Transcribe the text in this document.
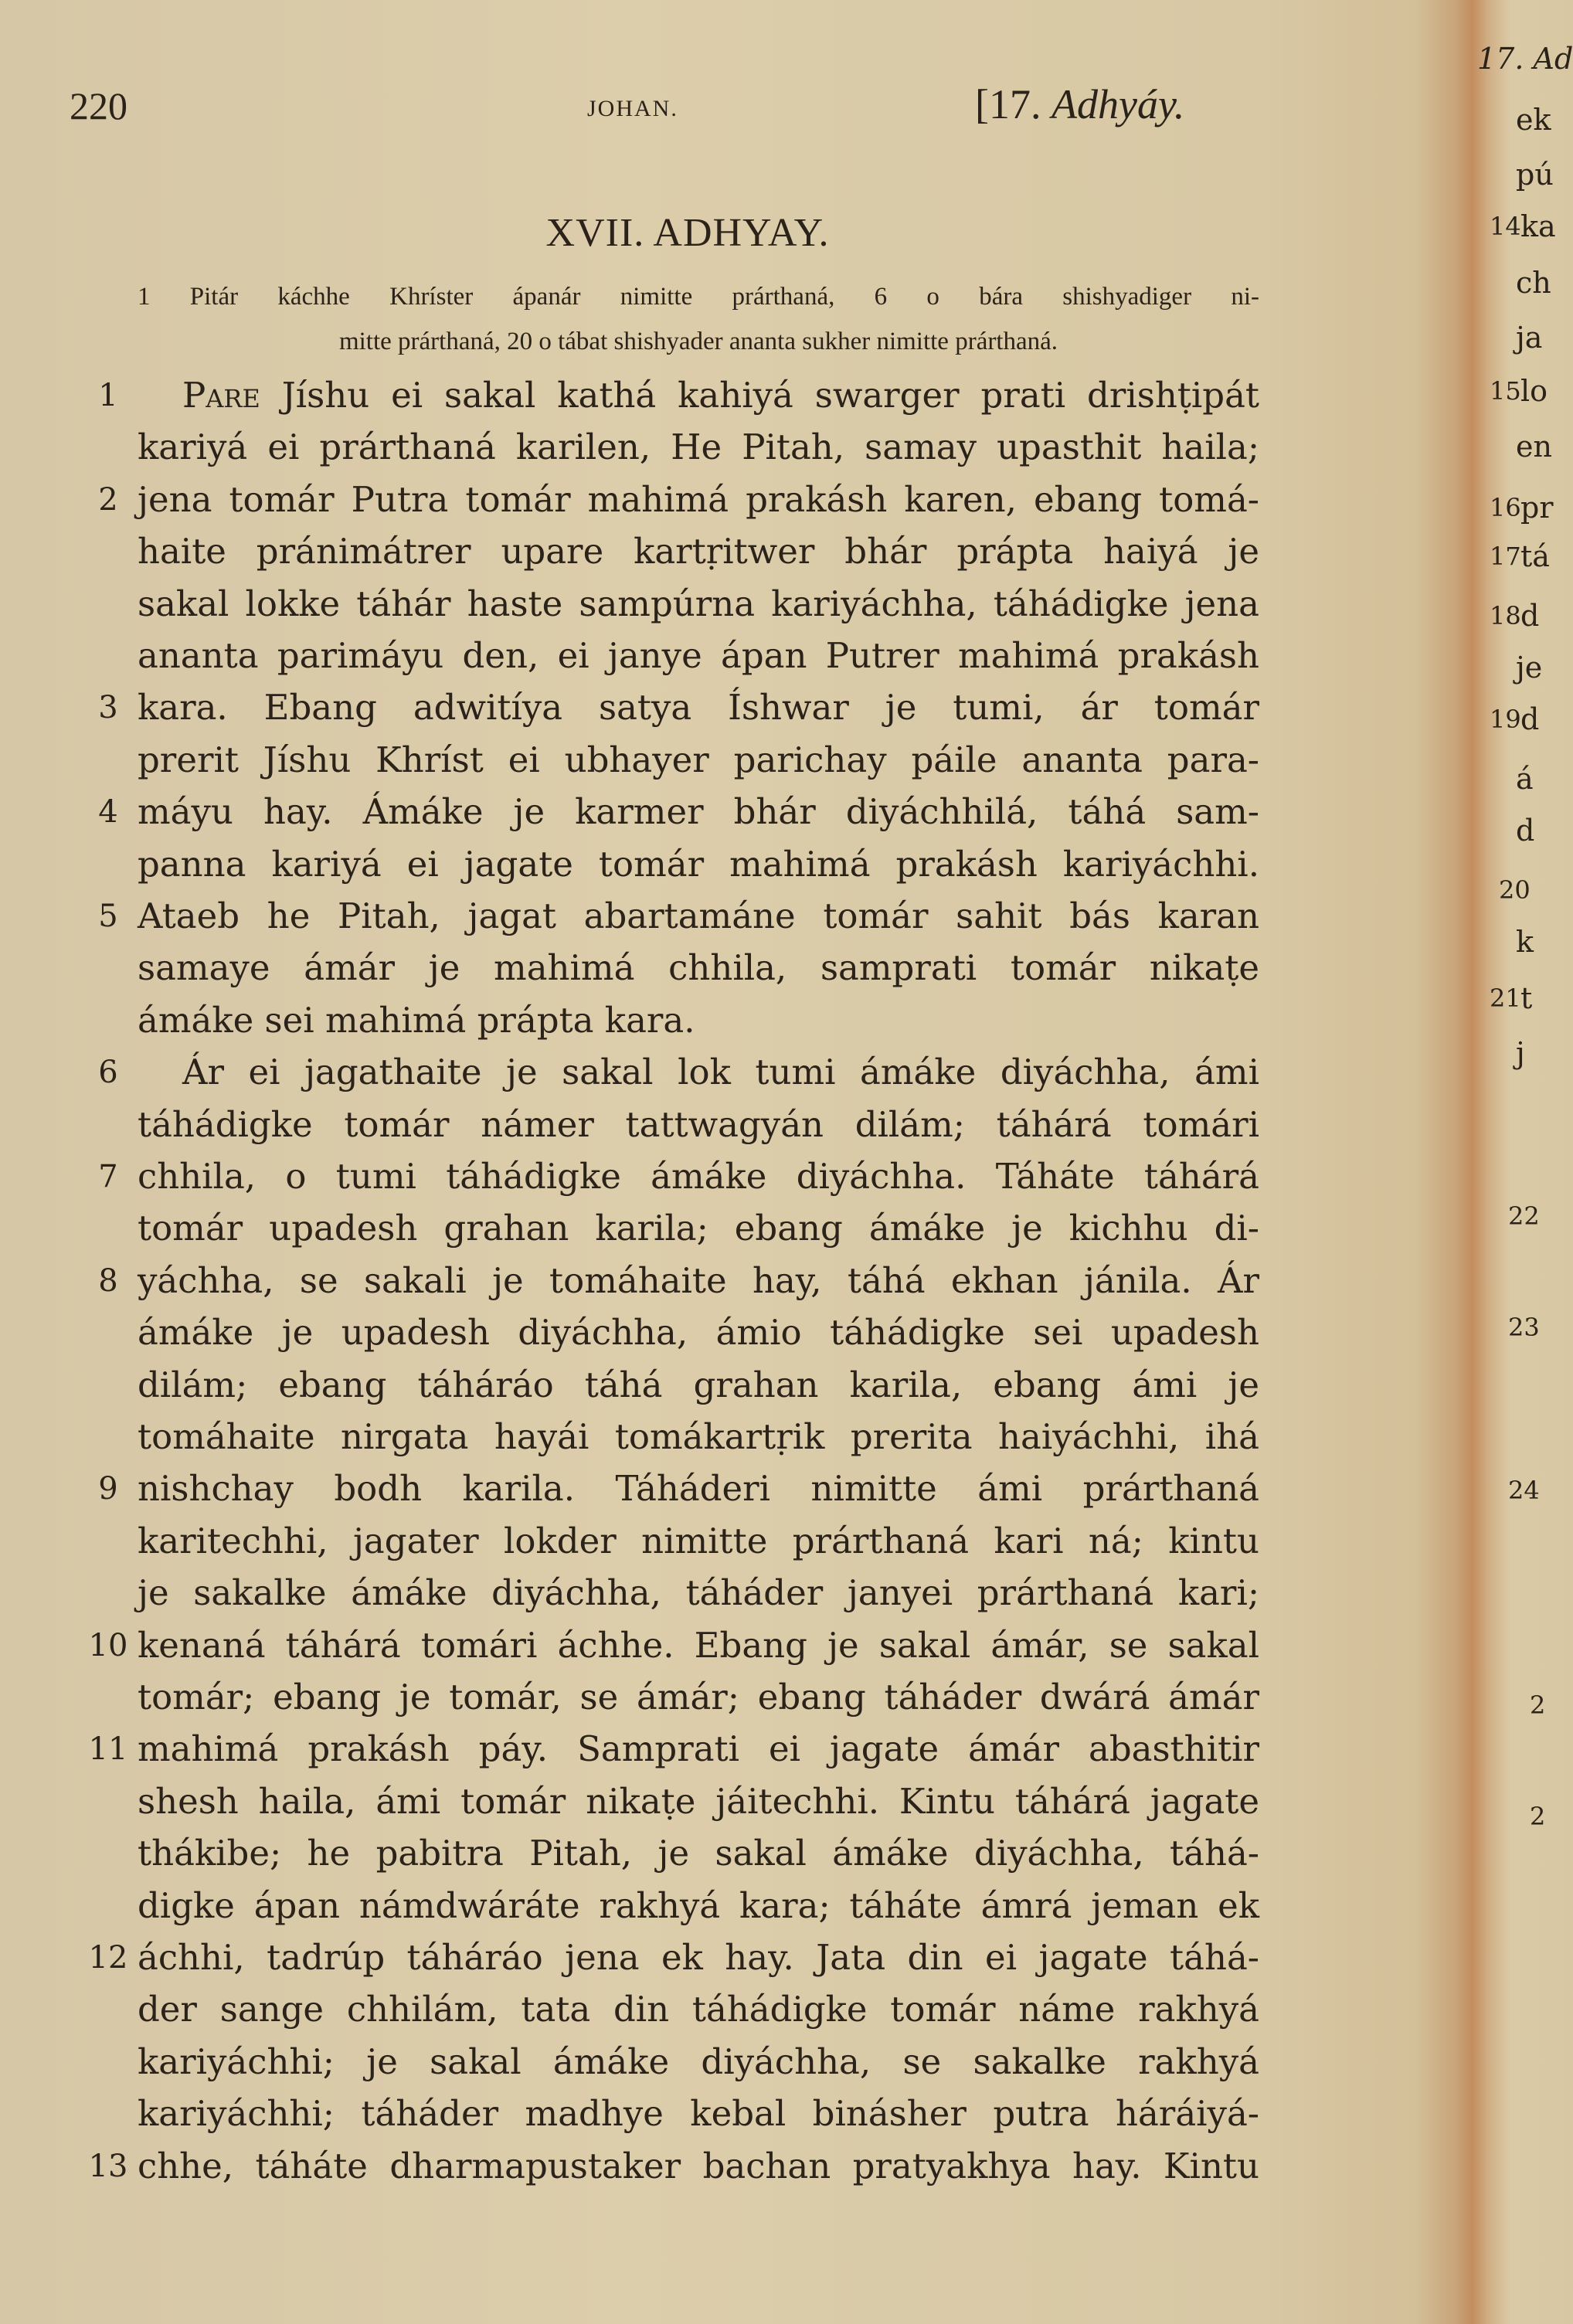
220	JOHAN.	[17. Adhyáy.
XVII. ADHYAY.
1 Pitár káchhe Khríster ápanár nimitte prárthaná, 6 o bára shishyadiger ni-
mitte prárthaná, 20 o tábat shishyader ananta sukher nimitte prárthaná.
1	Pare Jíshu ei sakal kathá kahiyá swarger prati drishṭipát
kariyá ei prárthaná karilen, He Pitah, samay upasthit haila;
2 jena tomár Putra tomár mahimá prakásh karen, ebang tomá-
haite pránimátrer upare kartṛitwer bhár prápta haiyá je
sakal lokke táhár haste sampúrna kariyáchha, táhádigke jena
ananta parimáyu den, ei janye ápan Putrer mahimá prakásh
3 kara. Ebang adwitíya satya Íshwar je tumi, ár tomár
prerit Jíshu Khríst ei ubhayer parichay páile ananta para-
4 máyu hay. Ámáke je karmer bhár diyáchhilá, táhá sam-
panna kariyá ei jagate tomár mahimá prakásh kariyáchhi.
5 Ataeb he Pitah, jagat abartamáne tomár sahit bás karan
samaye ámár je mahimá chhila, samprati tomár nikaṭe
ámáke sei mahimá prápta kara.
6	Ár ei jagathaite je sakal lok tumi ámáke diyáchha, ámi
táhádigke tomár námer tattwagyán dilám; táhárá tomári
7 chhila, o tumi táhádigke ámáke diyáchha. Táháte táhárá
tomár upadesh grahan karila; ebang ámáke je kichhu di-
8 yáchha, se sakali je tomáhaite hay, táhá ekhan jánila. Ár
ámáke je upadesh diyáchha, ámio táhádigke sei upadesh
dilám; ebang táháráo táhá grahan karila, ebang ámi je
tomáhaite nirgata hayái tomákartṛik prerita haiyáchhi, ihá
9 nishchay bodh karila. Táháderi nimitte ámi prárthaná
karitechhi, jagater lokder nimitte prárthaná kari ná; kintu
je sakalke ámáke diyáchha, táháder janyei prárthaná kari;
10 kenaná táhárá tomári áchhe. Ebang je sakal ámár, se sakal
tomár; ebang je tomár, se ámár; ebang táháder dwárá ámár
11 mahimá prakásh páy. Samprati ei jagate ámár abasthitir
shesh haila, ámi tomár nikaṭe jáitechhi. Kintu táhárá jagate
thákibe; he pabitra Pitah, je sakal ámáke diyáchha, táhá-
digke ápan námdwáráte rakhyá kara; táháte ámrá jeman ek
12 áchhi, tadrúp táháráo jena ek hay. Jata din ei jagate táhá-
der sange chhilám, tata din táhádigke tomár náme rakhyá
kariyáchhi; je sakal ámáke diyáchha, se sakalke rakhyá
kariyáchhi; táháder madhye kebal binásher putra háráiyá-
13 chhe, táháte dharmapustaker bachan pratyakhya hay. Kintu
17. Ad
ek
pú
14 ka
ch
ja
15 lo
en
16 pr
17 tá
18 d
je
19 d
á
d
20
k
21 t
j
22
23
24
2
2
